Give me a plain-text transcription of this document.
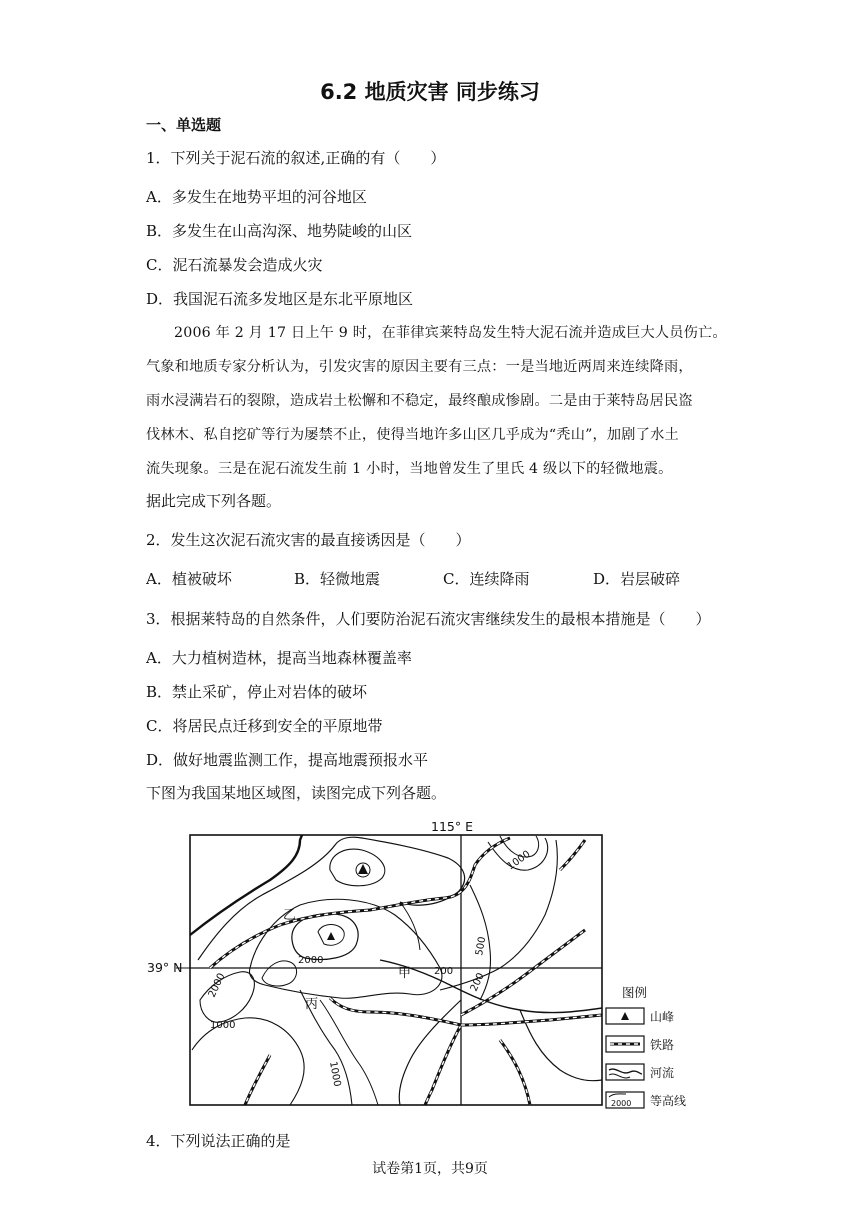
6.2 地质灾害 同步练习
一、单选题
1．下列关于泥石流的叙述,正确的有（　　）
A．多发生在地势平坦的河谷地区
B．多发生在山高沟深、地势陡峻的山区
C．泥石流暴发会造成火灾
D．我国泥石流多发地区是东北平原地区
2006 年 2 月 17 日上午 9 时，在菲律宾莱特岛发生特大泥石流并造成巨大人员伤亡。
气象和地质专家分析认为，引发灾害的原因主要有三点：一是当地近两周来连续降雨，
雨水浸满岩石的裂隙，造成岩土松懈和不稳定，最终酿成惨剧。二是由于莱特岛居民盗
伐林木、私自挖矿等行为屡禁不止，使得当地许多山区几乎成为“秃山”，加剧了水土
流失现象。三是在泥石流发生前 1 小时，当地曾发生了里氏 4 级以下的轻微地震。
据此完成下列各题。
2．发生这次泥石流灾害的最直接诱因是（　　）
A．植被破坏	B．轻微地震	C．连续降雨	D．岩层破碎
3．根据莱特岛的自然条件，人们要防治泥石流灾害继续发生的最根本措施是（　　）
A．大力植树造林，提高当地森林覆盖率
B．禁止采矿，停止对岩体的破坏
C．将居民点迁移到安全的平原地带
D．做好地震监测工作，提高地震预报水平
下图为我国某地区域图，读图完成下列各题。
115° E
39° N
乙
甲
丙
1000
2000
2000
1000
500
200
200
1000
图例
山峰
铁路
河流
2000 等高线
4．下列说法正确的是
试卷第1页，共9页
